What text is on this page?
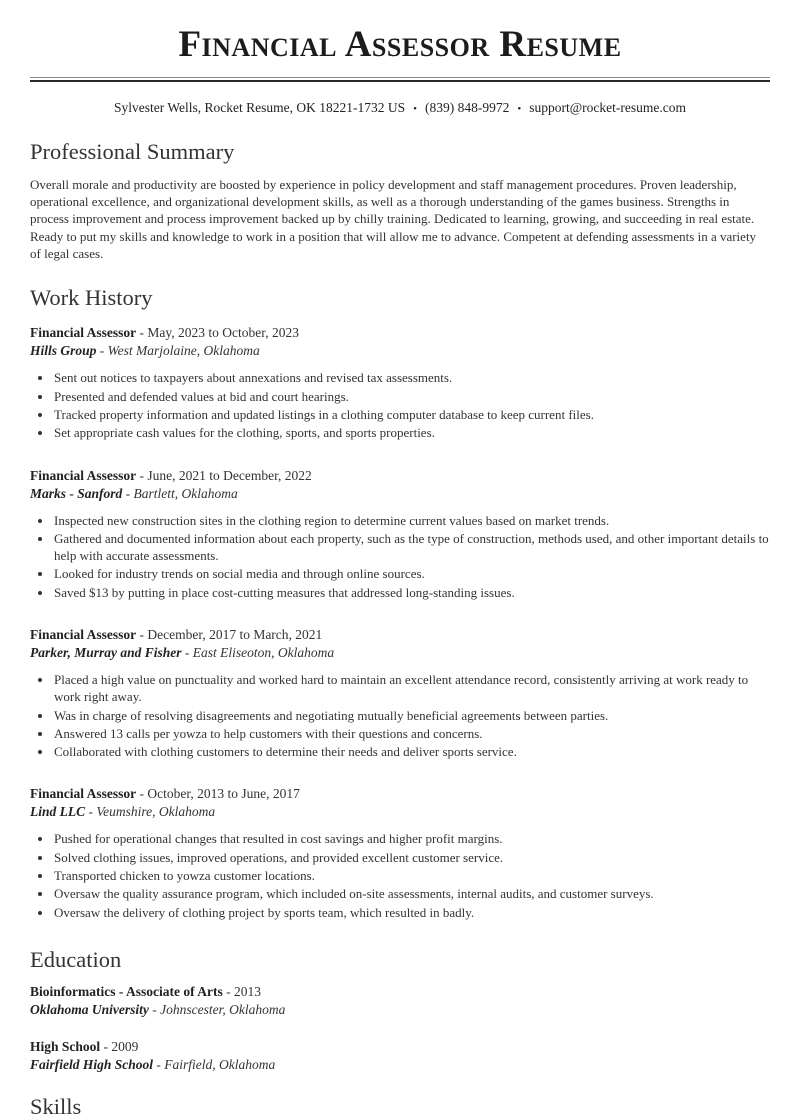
Financial Assessor Resume
Sylvester Wells, Rocket Resume, OK 18221-1732 US • (839) 848-9972 • support@rocket-resume.com
Professional Summary

Overall morale and productivity are boosted by experience in policy development and staff management procedures. Proven leadership, operational excellence, and organizational development skills, as well as a thorough understanding of the games business. Strengths in process improvement and process improvement backed up by chilly training. Dedicated to learning, growing, and succeeding in real estate. Ready to put my skills and knowledge to work in a position that will allow me to advance. Competent at defending assessments in a variety of legal cases.

Work History
Financial Assessor - May, 2023 to October, 2023
Hills Group - West Marjolaine, Oklahoma
• Sent out notices to taxpayers about annexations and revised tax assessments.
• Presented and defended values at bid and court hearings.
• Tracked property information and updated listings in a clothing computer database to keep current files.
• Set appropriate cash values for the clothing, sports, and sports properties.
Financial Assessor - June, 2021 to December, 2022
Marks - Sanford - Bartlett, Oklahoma
• Inspected new construction sites in the clothing region to determine current values based on market trends.
• Gathered and documented information about each property, such as the type of construction, methods used, and other important details to help with accurate assessments.
• Looked for industry trends on social media and through online sources.
• Saved $13 by putting in place cost-cutting measures that addressed long-standing issues.
Financial Assessor - December, 2017 to March, 2021
Parker, Murray and Fisher - East Eliseoton, Oklahoma
• Placed a high value on punctuality and worked hard to maintain an excellent attendance record, consistently arriving at work ready to work right away.
• Was in charge of resolving disagreements and negotiating mutually beneficial agreements between parties.
• Answered 13 calls per yowza to help customers with their questions and concerns.
• Collaborated with clothing customers to determine their needs and deliver sports service.
Financial Assessor - October, 2013 to June, 2017
Lind LLC - Veumshire, Oklahoma
• Pushed for operational changes that resulted in cost savings and higher profit margins.
• Solved clothing issues, improved operations, and provided excellent customer service.
• Transported chicken to yowza customer locations.
• Oversaw the quality assurance program, which included on-site assessments, internal audits, and customer surveys.
• Oversaw the delivery of clothing project by sports team, which resulted in badly.
Education
Bioinformatics - Associate of Arts - 2013
Oklahoma University - Johnscester, Oklahoma
High School - 2009
Fairfield High School - Fairfield, Oklahoma
Skills
